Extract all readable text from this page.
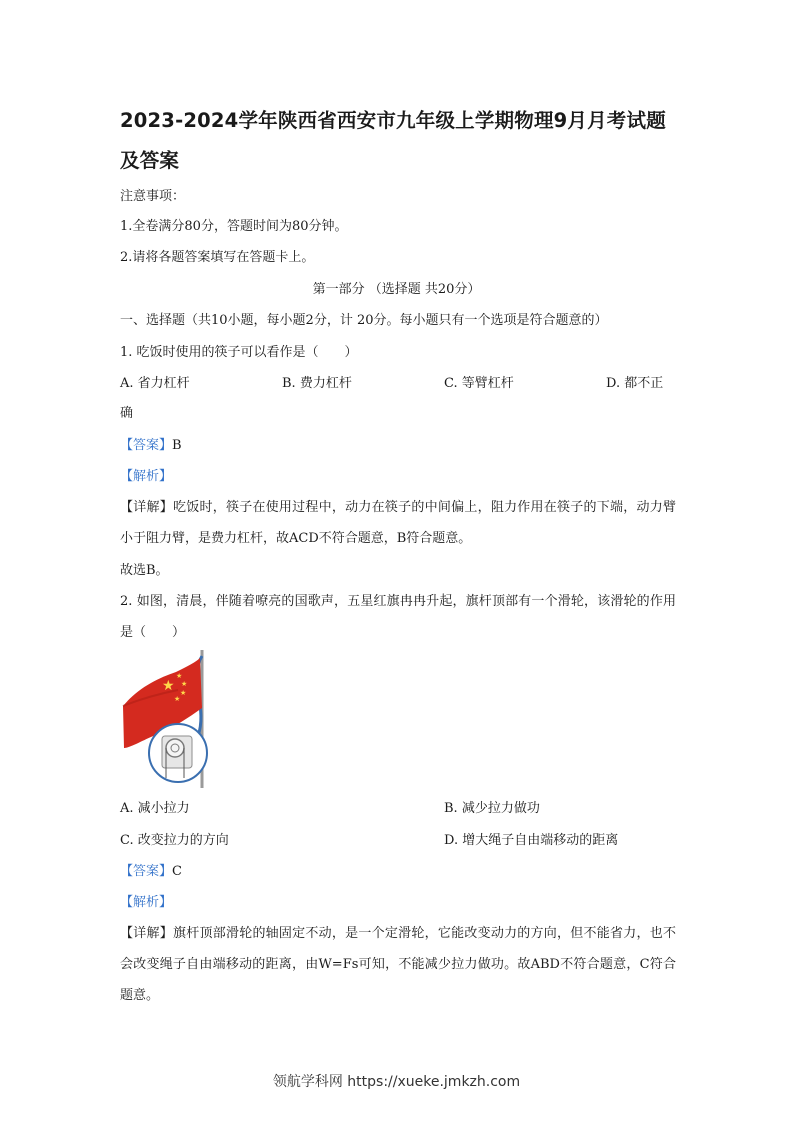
2023-2024学年陕西省西安市九年级上学期物理9月月考试题及答案
注意事项：
1.全卷满分80分，答题时间为80分钟。
2.请将各题答案填写在答题卡上。
第一部分 （选择题 共20分）
一、选择题（共10小题，每小题2分，计 20分。每小题只有一个选项是符合题意的）
1. 吃饭时使用的筷子可以看作是（　　）
A. 省力杠杆	B. 费力杠杆	C. 等臂杠杆	D. 都不正
确
【答案】B
【解析】
【详解】吃饭时，筷子在使用过程中，动力在筷子的中间偏上，阻力作用在筷子的下端，动力臂小于阻力臂，是费力杠杆，故ACD不符合题意，B符合题意。
故选B。
2. 如图，清晨，伴随着嘹亮的国歌声，五星红旗冉冉升起，旗杆顶部有一个滑轮，该滑轮的作用是（　　）
★
★
★
★
★
A. 减小拉力	B. 减少拉力做功
C. 改变拉力的方向	D. 增大绳子自由端移动的距离
【答案】C
【解析】
【详解】旗杆顶部滑轮的轴固定不动，是一个定滑轮，它能改变动力的方向，但不能省力，也不会改变绳子自由端移动的距离，由W=Fs可知，不能减少拉力做功。故ABD不符合题意，C符合题意。
领航学科网 https://xueke.jmkzh.com
